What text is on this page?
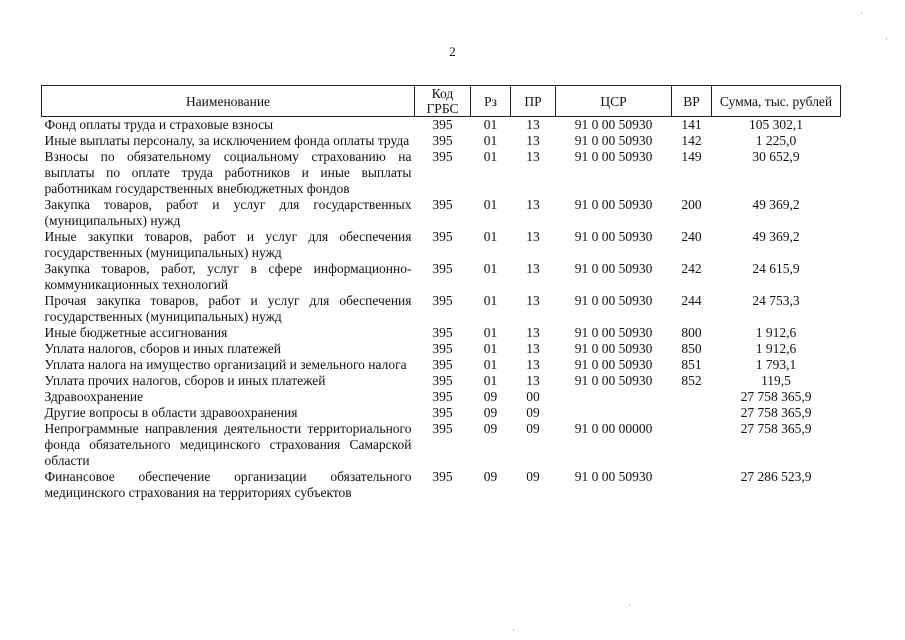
2
·
·
·
·
Наименование	Код ГРБС	Рз	ПР	ЦСР	ВР	Сумма, тыс. рублей
Фонд оплаты труда и страховые взносы	395	01	13	91 0 00 50930	141	105 302,1
Иные выплаты персоналу, за исключением фонда оплаты труда	395	01	13	91 0 00 50930	142	1 225,0
Взносы по обязательному социальному страхованию на выплаты по оплате труда работников и иные выплаты работникам государственных внебюджетных фондов	395	01	13	91 0 00 50930	149	30 652,9
Закупка товаров, работ и услуг для государственных (муниципальных) нужд	395	01	13	91 0 00 50930	200	49 369,2
Иные закупки товаров, работ и услуг для обеспечения государственных (муниципальных) нужд	395	01	13	91 0 00 50930	240	49 369,2
Закупка товаров, работ, услуг в сфере информационно-коммуникационных технологий	395	01	13	91 0 00 50930	242	24 615,9
Прочая закупка товаров, работ и услуг для обеспечения государственных (муниципальных) нужд	395	01	13	91 0 00 50930	244	24 753,3
Иные бюджетные ассигнования	395	01	13	91 0 00 50930	800	1 912,6
Уплата налогов, сборов и иных платежей	395	01	13	91 0 00 50930	850	1 912,6
Уплата налога на имущество организаций и земельного налога	395	01	13	91 0 00 50930	851	1 793,1
Уплата прочих налогов, сборов и иных платежей	395	01	13	91 0 00 50930	852	119,5
Здравоохранение	395	09	00			27 758 365,9
Другие вопросы в области здравоохранения	395	09	09			27 758 365,9
Непрограммные направления деятельности территориального фонда обязательного медицинского страхования Самарской области	395	09	09	91 0 00 00000		27 758 365,9
Финансовое обеспечение организации обязательного медицинского страхования на территориях субъектов	395	09	09	91 0 00 50930		27 286 523,9
